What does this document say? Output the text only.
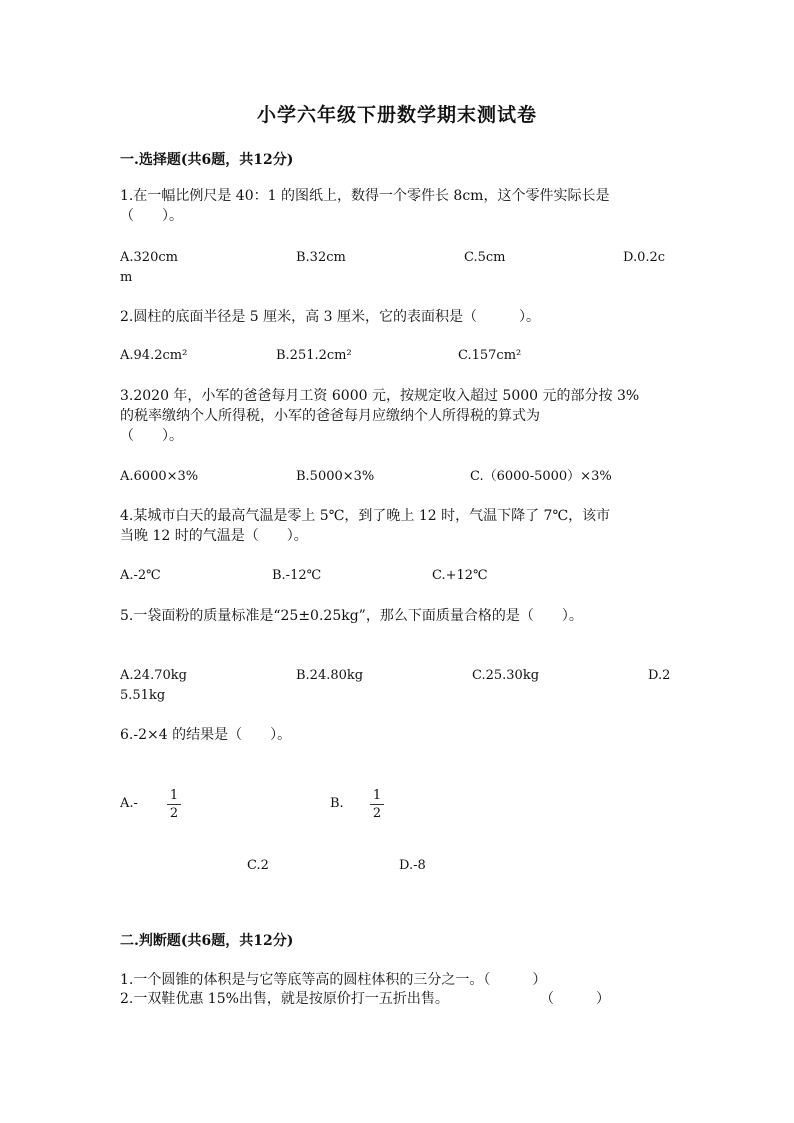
小学六年级下册数学期末测试卷
一.选择题(共6题，共12分)
1.在一幅比例尺是 40：1 的图纸上，数得一个零件长 8cm，这个零件实际长是
（　　）。
A.320cm	B.32cm	C.5cm	D.0.2c
m
2.圆柱的底面半径是 5 厘米，高 3 厘米，它的表面积是（　　　）。
A.94.2cm²	B.251.2cm²	C.157cm²
3.2020 年，小军的爸爸每月工资 6000 元，按规定收入超过 5000 元的部分按 3%
的税率缴纳个人所得税，小军的爸爸每月应缴纳个人所得税的算式为
（　　）。
A.6000×3%	B.5000×3%	C.（6000-5000）×3%
4.某城市白天的最高气温是零上 5℃，到了晚上 12 时，气温下降了 7℃，该市
当晚 12 时的气温是（　　）。
A.-2℃	B.-12℃	C.+12℃
5.一袋面粉的质量标准是“25±0.25kg”，那么下面质量合格的是（　　）。
A.24.70kg	B.24.80kg	C.25.30kg	D.2
5.51kg
6.-2×4 的结果是（　　）。
A.-
1
2
B.
1
2
C.2	D.-8
二.判断题(共6题，共12分)
1.一个圆锥的体积是与它等底等高的圆柱体积的三分之一。（　　　）
2.一双鞋优惠 15%出售，就是按原价打一五折出售。	（　　　）
